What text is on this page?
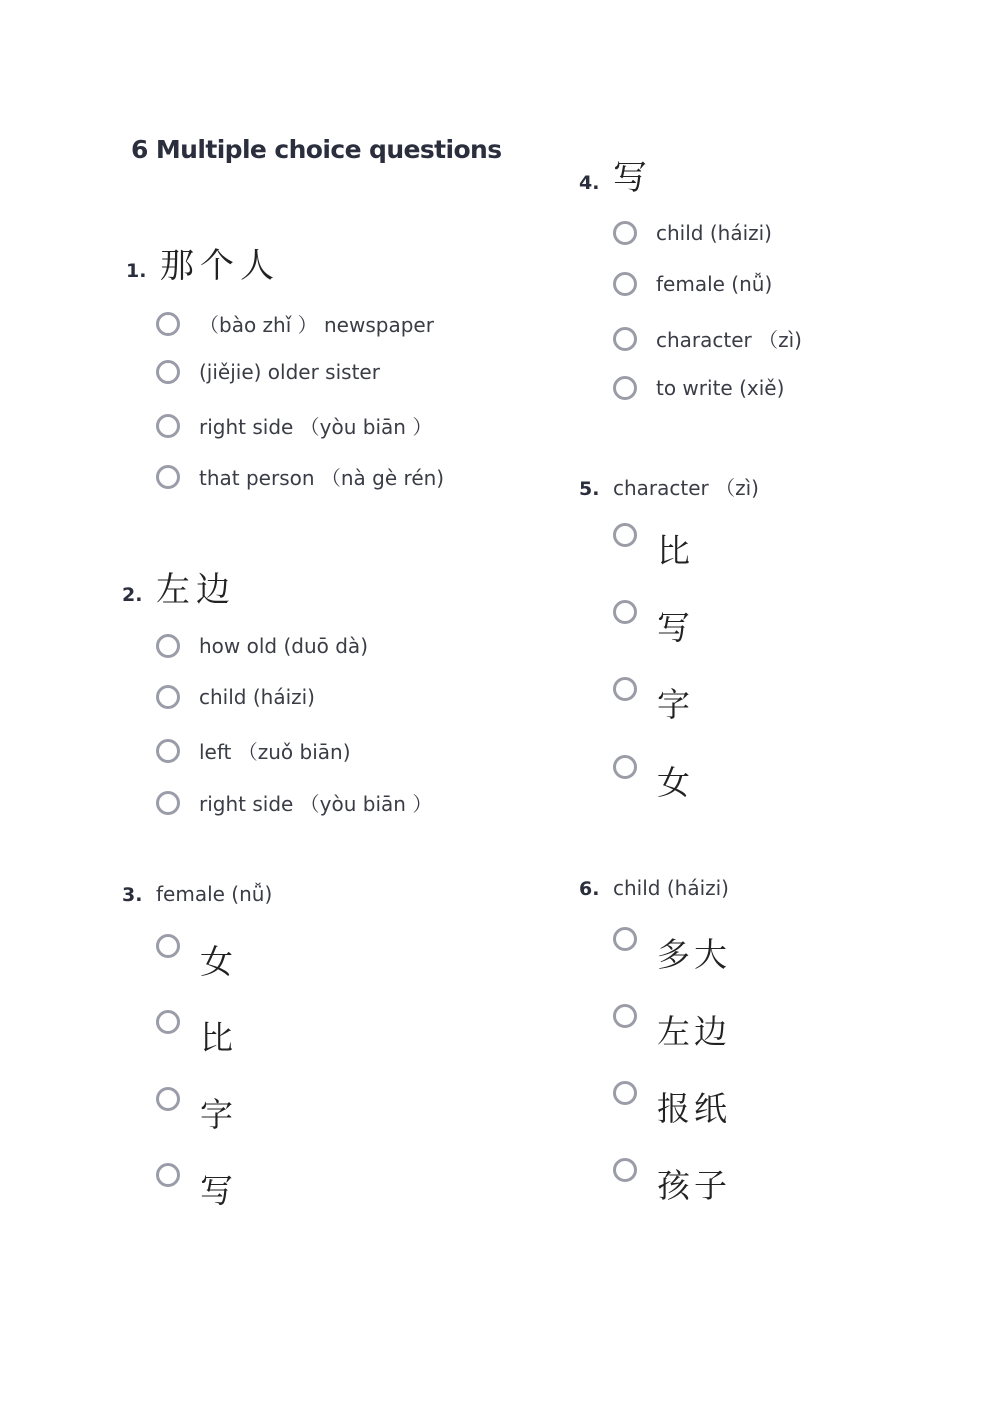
6 Multiple choice questions
1. 那个人
（bào zhǐ ） newspaper
(jiějie) older sister
right side （yòu biān ）
that person （nà gè rén)
2. 左边
how old (duō dà)
child (háizi)
left （zuǒ biān)
right side （yòu biān ）
3. female (nǚ)
女
比
字
写
4. 写
child (háizi)
female (nǚ)
character （zì)
to write (xiě)
5. character （zì)
比
写
字
女
6. child (háizi)
多大
左边
报纸
孩子
